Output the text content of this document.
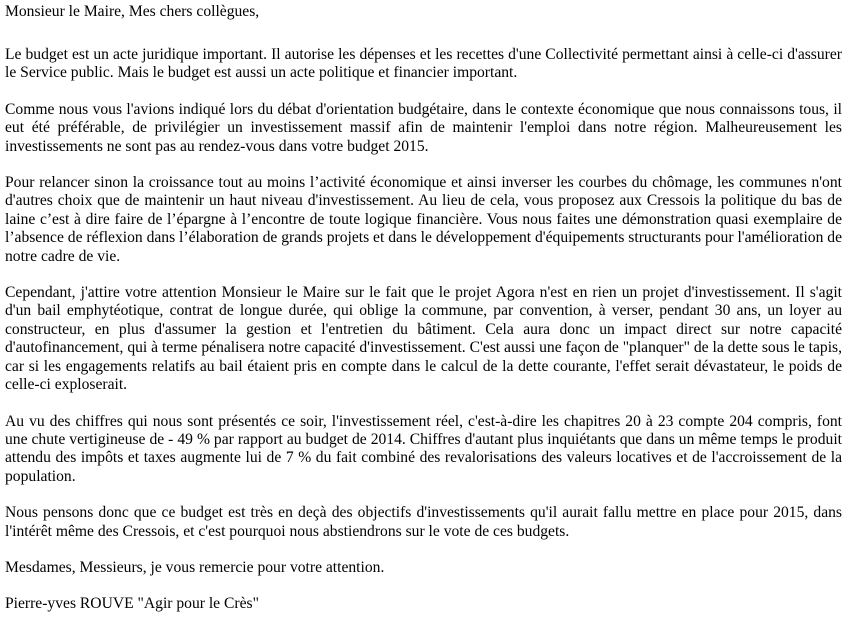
Monsieur le Maire, Mes chers collègues,

Le budget est un acte juridique important. Il autorise les dépenses et les recettes d'une Collectivité permettant ainsi à celle-ci d'assurer le Service public. Mais le budget est aussi un acte politique et financier important.

Comme nous vous l'avions indiqué lors du débat d'orientation budgétaire, dans le contexte économique que nous connaissons tous, il eut été préférable, de privilégier un investissement massif afin de maintenir l'emploi dans notre région. Malheureusement les investissements ne sont pas au rendez-vous dans votre budget 2015.

Pour relancer sinon la croissance tout au moins l’activité économique et ainsi inverser les courbes du chômage, les communes n'ont d'autres choix que de maintenir un haut niveau d'investissement. Au lieu de cela, vous proposez aux Cressois la politique du bas de laine c’est à dire faire de l’épargne à l’encontre de toute logique financière. Vous nous faites une démonstration quasi exemplaire de l’absence de réflexion dans l’élaboration de grands projets et dans le développement d'équipements structurants pour l'amélioration de notre cadre de vie.

Cependant, j'attire votre attention Monsieur le Maire sur le fait que le projet Agora n'est en rien un projet d'investissement. Il s'agit d'un bail emphytéotique, contrat de longue durée, qui oblige la commune, par convention, à verser, pendant 30 ans, un loyer au constructeur, en plus d'assumer la gestion et l'entretien du bâtiment. Cela aura donc un impact direct sur notre capacité d'autofinancement, qui à terme pénalisera notre capacité d'investissement. C'est aussi une façon de "planquer" de la dette sous le tapis, car si les engagements relatifs au bail étaient pris en compte dans le calcul de la dette courante, l'effet serait dévastateur, le poids de celle-ci exploserait.

Au vu des chiffres qui nous sont présentés ce soir, l'investissement réel, c'est-à-dire les chapitres 20 à 23 compte 204 compris, font une chute vertigineuse de - 49 % par rapport au budget de 2014. Chiffres d'autant plus inquiétants que dans un même temps le produit attendu des impôts et taxes augmente lui de 7 % du fait combiné des revalorisations des valeurs locatives et de l'accroissement de la population.

Nous pensons donc que ce budget est très en deçà des objectifs d'investissements qu'il aurait fallu mettre en place pour 2015, dans l'intérêt même des Cressois, et c'est pourquoi nous abstiendrons sur le vote de ces budgets.

Mesdames, Messieurs, je vous remercie pour votre attention.

Pierre-yves ROUVE "Agir pour le Crès"
